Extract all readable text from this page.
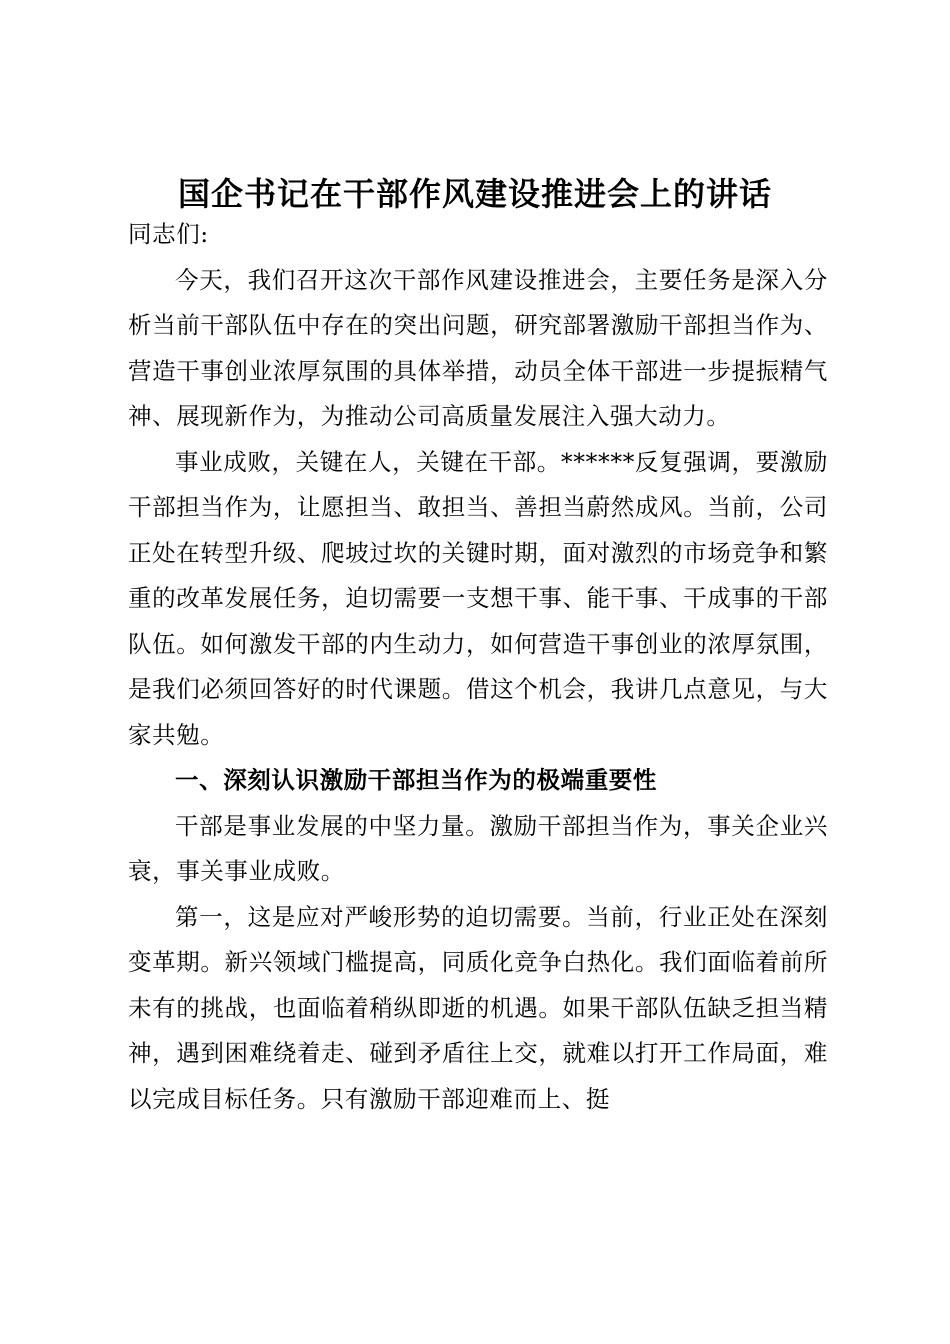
国企书记在干部作风建设推进会上的讲话

同志们:

今天，我们召开这次干部作风建设推进会，主要任务是深入分析当前干部队伍中存在的突出问题，研究部署激励干部担当作为、营造干事创业浓厚氛围的具体举措，动员全体干部进一步提振精气神、展现新作为，为推动公司高质量发展注入强大动力。

事业成败，关键在人，关键在干部。******反复强调，要激励干部担当作为，让愿担当、敢担当、善担当蔚然成风。当前，公司正处在转型升级、爬坡过坎的关键时期，面对激烈的市场竞争和繁重的改革发展任务，迫切需要一支想干事、能干事、干成事的干部队伍。如何激发干部的内生动力，如何营造干事创业的浓厚氛围，是我们必须回答好的时代课题。借这个机会，我讲几点意见，与大家共勉。

一、深刻认识激励干部担当作为的极端重要性

干部是事业发展的中坚力量。激励干部担当作为，事关企业兴衰，事关事业成败。

第一，这是应对严峻形势的迫切需要。当前，行业正处在深刻变革期。新兴领域门槛提高，同质化竞争白热化。我们面临着前所未有的挑战，也面临着稍纵即逝的机遇。如果干部队伍缺乏担当精神，遇到困难绕着走、碰到矛盾往上交，就难以打开工作局面，难以完成目标任务。只有激励干部迎难而上、挺
